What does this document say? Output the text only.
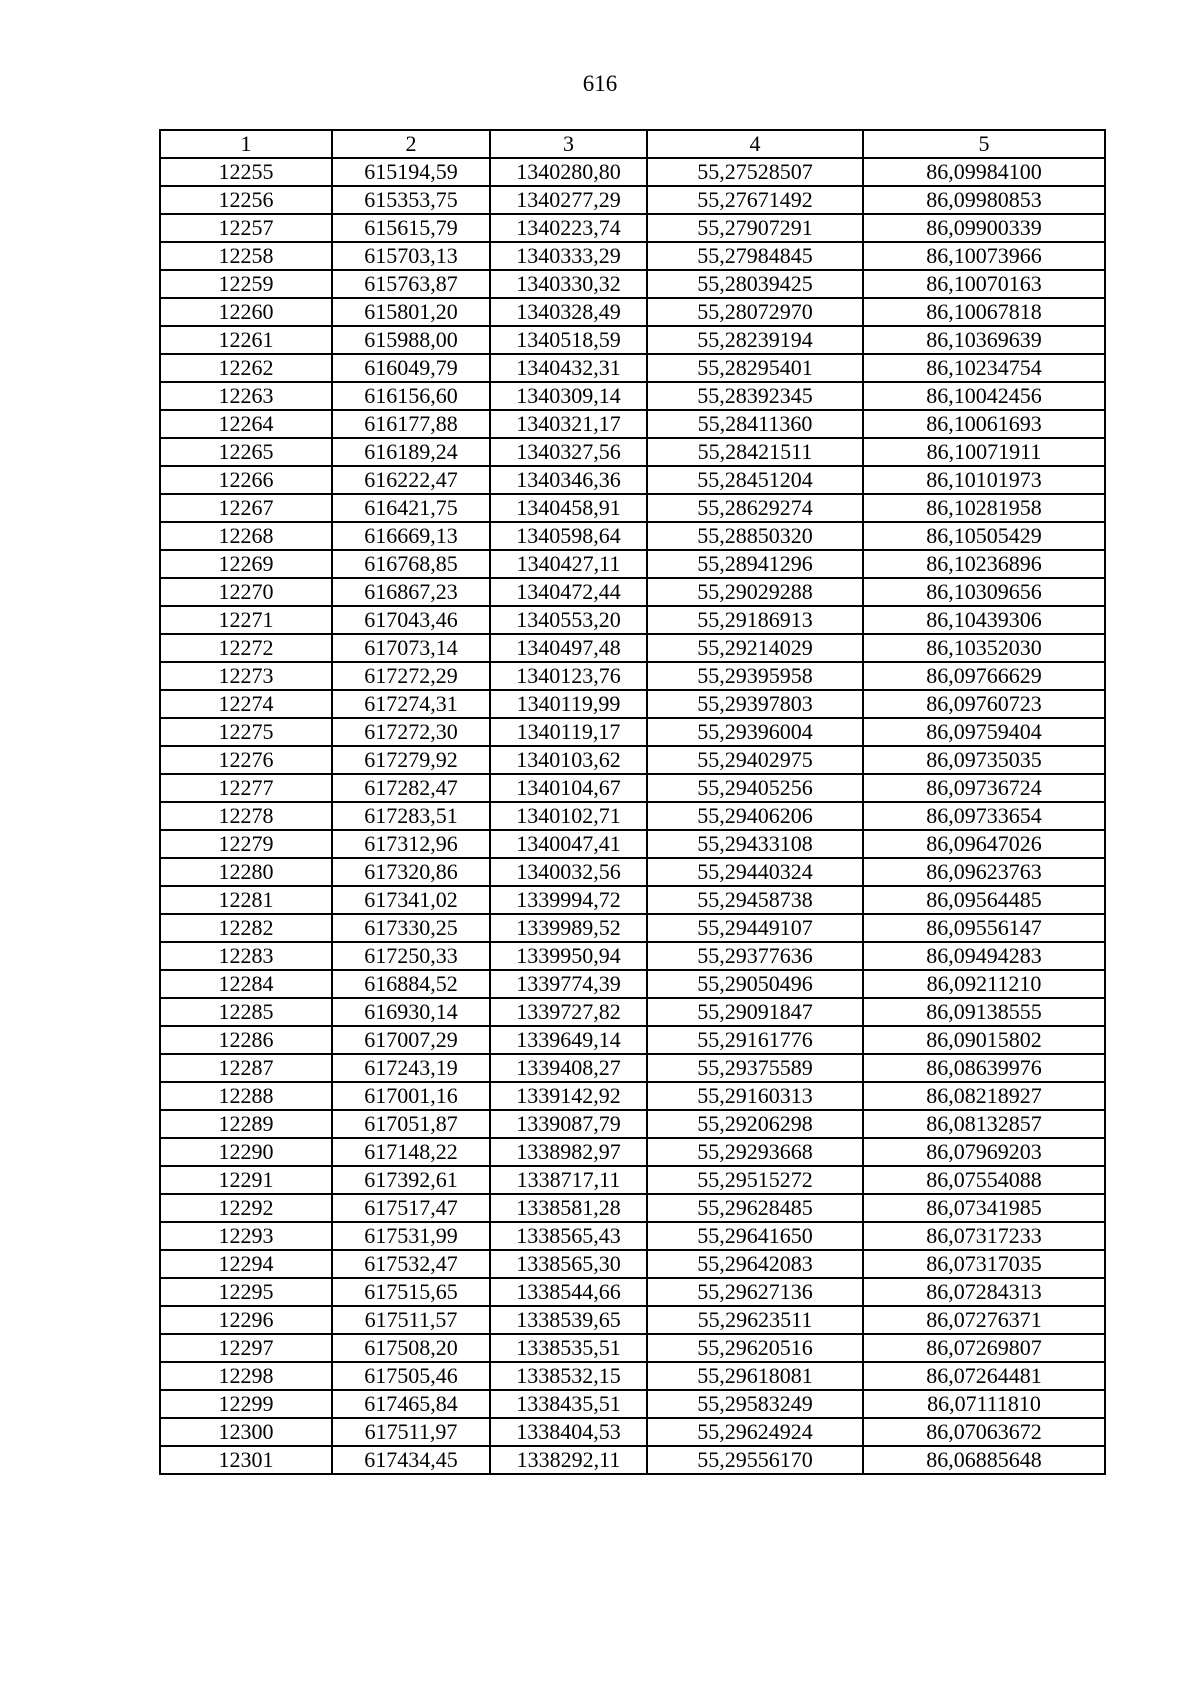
616
1	2	3	4	5
12255	615194,59	1340280,80	55,27528507	86,09984100
12256	615353,75	1340277,29	55,27671492	86,09980853
12257	615615,79	1340223,74	55,27907291	86,09900339
12258	615703,13	1340333,29	55,27984845	86,10073966
12259	615763,87	1340330,32	55,28039425	86,10070163
12260	615801,20	1340328,49	55,28072970	86,10067818
12261	615988,00	1340518,59	55,28239194	86,10369639
12262	616049,79	1340432,31	55,28295401	86,10234754
12263	616156,60	1340309,14	55,28392345	86,10042456
12264	616177,88	1340321,17	55,28411360	86,10061693
12265	616189,24	1340327,56	55,28421511	86,10071911
12266	616222,47	1340346,36	55,28451204	86,10101973
12267	616421,75	1340458,91	55,28629274	86,10281958
12268	616669,13	1340598,64	55,28850320	86,10505429
12269	616768,85	1340427,11	55,28941296	86,10236896
12270	616867,23	1340472,44	55,29029288	86,10309656
12271	617043,46	1340553,20	55,29186913	86,10439306
12272	617073,14	1340497,48	55,29214029	86,10352030
12273	617272,29	1340123,76	55,29395958	86,09766629
12274	617274,31	1340119,99	55,29397803	86,09760723
12275	617272,30	1340119,17	55,29396004	86,09759404
12276	617279,92	1340103,62	55,29402975	86,09735035
12277	617282,47	1340104,67	55,29405256	86,09736724
12278	617283,51	1340102,71	55,29406206	86,09733654
12279	617312,96	1340047,41	55,29433108	86,09647026
12280	617320,86	1340032,56	55,29440324	86,09623763
12281	617341,02	1339994,72	55,29458738	86,09564485
12282	617330,25	1339989,52	55,29449107	86,09556147
12283	617250,33	1339950,94	55,29377636	86,09494283
12284	616884,52	1339774,39	55,29050496	86,09211210
12285	616930,14	1339727,82	55,29091847	86,09138555
12286	617007,29	1339649,14	55,29161776	86,09015802
12287	617243,19	1339408,27	55,29375589	86,08639976
12288	617001,16	1339142,92	55,29160313	86,08218927
12289	617051,87	1339087,79	55,29206298	86,08132857
12290	617148,22	1338982,97	55,29293668	86,07969203
12291	617392,61	1338717,11	55,29515272	86,07554088
12292	617517,47	1338581,28	55,29628485	86,07341985
12293	617531,99	1338565,43	55,29641650	86,07317233
12294	617532,47	1338565,30	55,29642083	86,07317035
12295	617515,65	1338544,66	55,29627136	86,07284313
12296	617511,57	1338539,65	55,29623511	86,07276371
12297	617508,20	1338535,51	55,29620516	86,07269807
12298	617505,46	1338532,15	55,29618081	86,07264481
12299	617465,84	1338435,51	55,29583249	86,07111810
12300	617511,97	1338404,53	55,29624924	86,07063672
12301	617434,45	1338292,11	55,29556170	86,06885648
